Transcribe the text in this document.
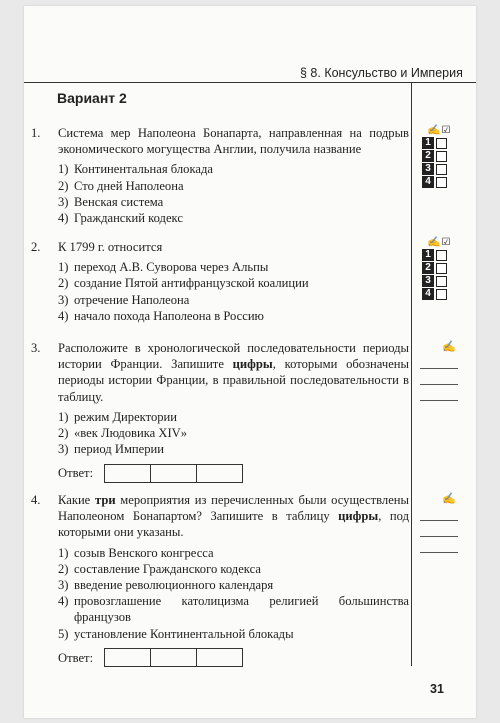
§ 8. Консульство и Империя
Вариант 2
1. Система мер Наполеона Бонапарта, направленная на подрыв экономического могущества Англии, получила название
1) Континентальная блокада
2) Сто дней Наполеона
3) Венская система
4) Гражданский кодекс
✍☑
1
2
3
4
2. К 1799 г. относится
1) переход А.В. Суворова через Альпы
2) создание Пятой антифранцузской коалиции
3) отречение Наполеона
4) начало похода Наполеона в Россию
✍☑
1
2
3
4
3. Расположите в хронологической последовательности периоды истории Франции. Запишите цифры, которыми обозначены периоды истории Франции, в правильной последовательности в таблицу.
1) режим Директории
2) «век Людовика XIV»
3) период Империи
Ответ:
✍
4. Какие три мероприятия из перечисленных были осуществлены Наполеоном Бонапартом? Запишите в таблицу цифры, под которыми они указаны.
1) созыв Венского конгресса
2) составление Гражданского кодекса
3) введение революционного календаря
4) провозглашение католицизма религией большинства французов
5) установление Континентальной блокады
Ответ:
✍
31
